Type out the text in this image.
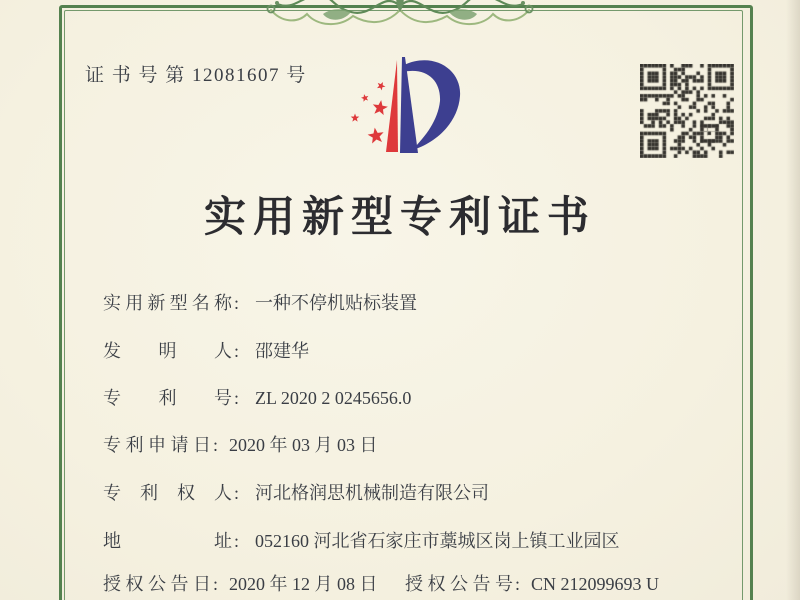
证 书 号 第 12081607 号
实用新型专利证书
实用新型名称 : 一种不停机贴标装置
发明人 : 邵建华
专利号 : ZL 2020 2 0245656.0
专利申请日 : 2020 年 03 月 03 日
专利权人 : 河北格润思机械制造有限公司
地址 : 052160 河北省石家庄市藁城区岗上镇工业园区
授权公告日 : 2020 年 12 月 08 日 授权公告号 : CN 212099693 U
